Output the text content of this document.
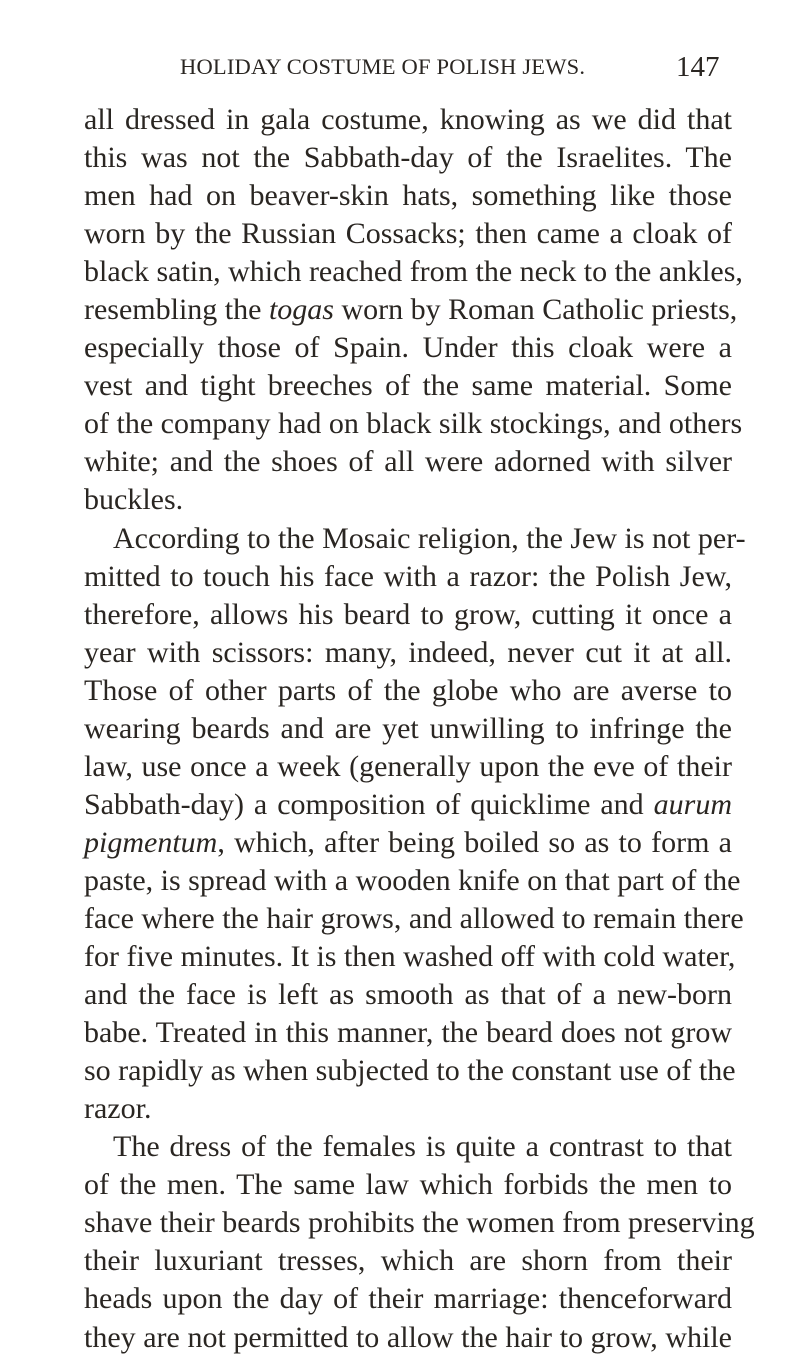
HOLIDAY COSTUME OF POLISH JEWS.	147
all dressed in gala costume, knowing as we did that
this was not the Sabbath-day of the Israelites. The
men had on beaver-skin hats, something like those
worn by the Russian Cossacks; then came a cloak of
black satin, which reached from the neck to the ankles,
resembling the togas worn by Roman Catholic priests,
especially those of Spain. Under this cloak were a
vest and tight breeches of the same material. Some
of the company had on black silk stockings, and others
white; and the shoes of all were adorned with silver
buckles.
According to the Mosaic religion, the Jew is not per-
mitted to touch his face with a razor: the Polish Jew,
therefore, allows his beard to grow, cutting it once a
year with scissors: many, indeed, never cut it at all.
Those of other parts of the globe who are averse to
wearing beards and are yet unwilling to infringe the
law, use once a week (generally upon the eve of their
Sabbath-day) a composition of quicklime and aurum
pigmentum, which, after being boiled so as to form a
paste, is spread with a wooden knife on that part of the
face where the hair grows, and allowed to remain there
for five minutes. It is then washed off with cold water,
and the face is left as smooth as that of a new-born
babe. Treated in this manner, the beard does not grow
so rapidly as when subjected to the constant use of the
razor.
The dress of the females is quite a contrast to that
of the men. The same law which forbids the men to
shave their beards prohibits the women from preserving
their luxuriant tresses, which are shorn from their
heads upon the day of their marriage: thenceforward
they are not permitted to allow the hair to grow, while
